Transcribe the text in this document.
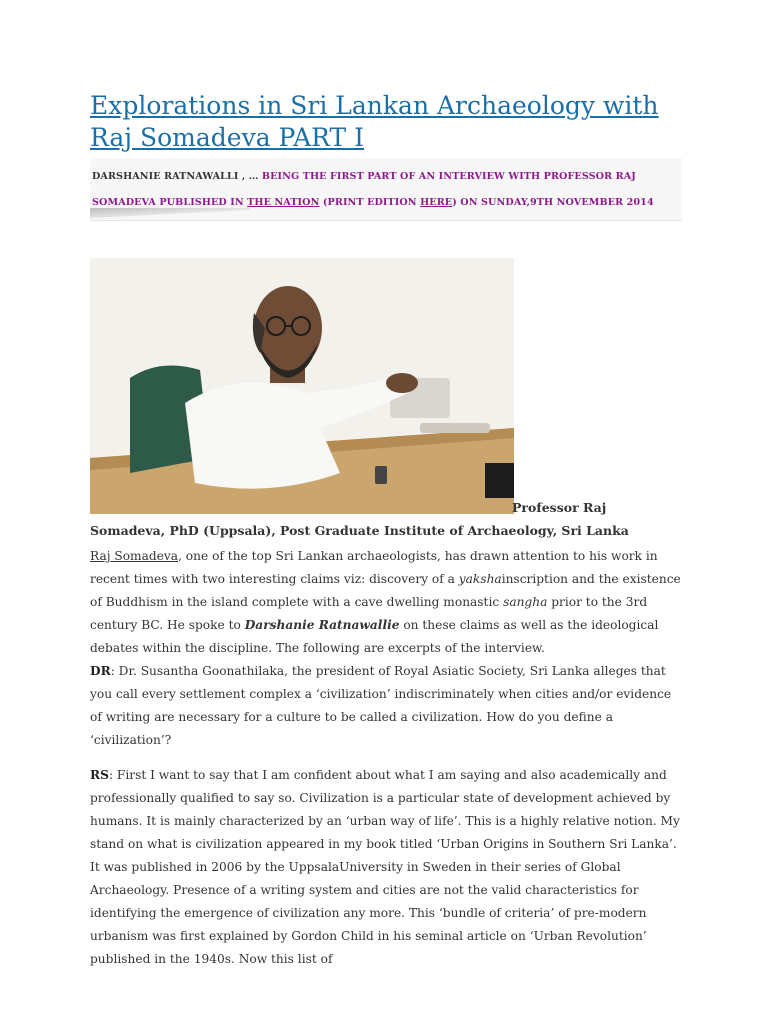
Explorations in Sri Lankan Archaeology with Raj Somadeva PART I
DARSHANIE RATNAWALLI , … BEING THE FIRST PART OF AN INTERVIEW WITH PROFESSOR RAJ SOMADEVA PUBLISHED IN THE NATION (PRINT EDITION HERE) ON SUNDAY,9TH NOVEMBER 2014
Professor Raj
Somadeva, PhD (Uppsala), Post Graduate Institute of Archaeology, Sri Lanka

Raj Somadeva, one of the top Sri Lankan archaeologists, has drawn attention to his work in recent times with two interesting claims viz: discovery of a yakshainscription and the existence of Buddhism in the island complete with a cave dwelling monastic sangha prior to the 3rd century BC. He spoke to Darshanie Ratnawallie on these claims as well as the ideological debates within the discipline. The following are excerpts of the interview.

DR: Dr. Susantha Goonathilaka, the president of Royal Asiatic Society, Sri Lanka alleges that you call every settlement complex a ‘civilization’ indiscriminately when cities and/or evidence of writing are necessary for a culture to be called a civilization. How do you define a ‘civilization’?

RS: First I want to say that I am confident about what I am saying and also academically and professionally qualified to say so. Civilization is a particular state of development achieved by humans. It is mainly characterized by an ‘urban way of life’. This is a highly relative notion. My stand on what is civilization appeared in my book titled ‘Urban Origins in Southern Sri Lanka’. It was published in 2006 by the UppsalaUniversity in Sweden in their series of Global Archaeology. Presence of a writing system and cities are not the valid characteristics for identifying the emergence of civilization any more. This ‘bundle of criteria’ of pre-modern urbanism was first explained by Gordon Child in his seminal article on ‘Urban Revolution’ published in the 1940s. Now this list of
